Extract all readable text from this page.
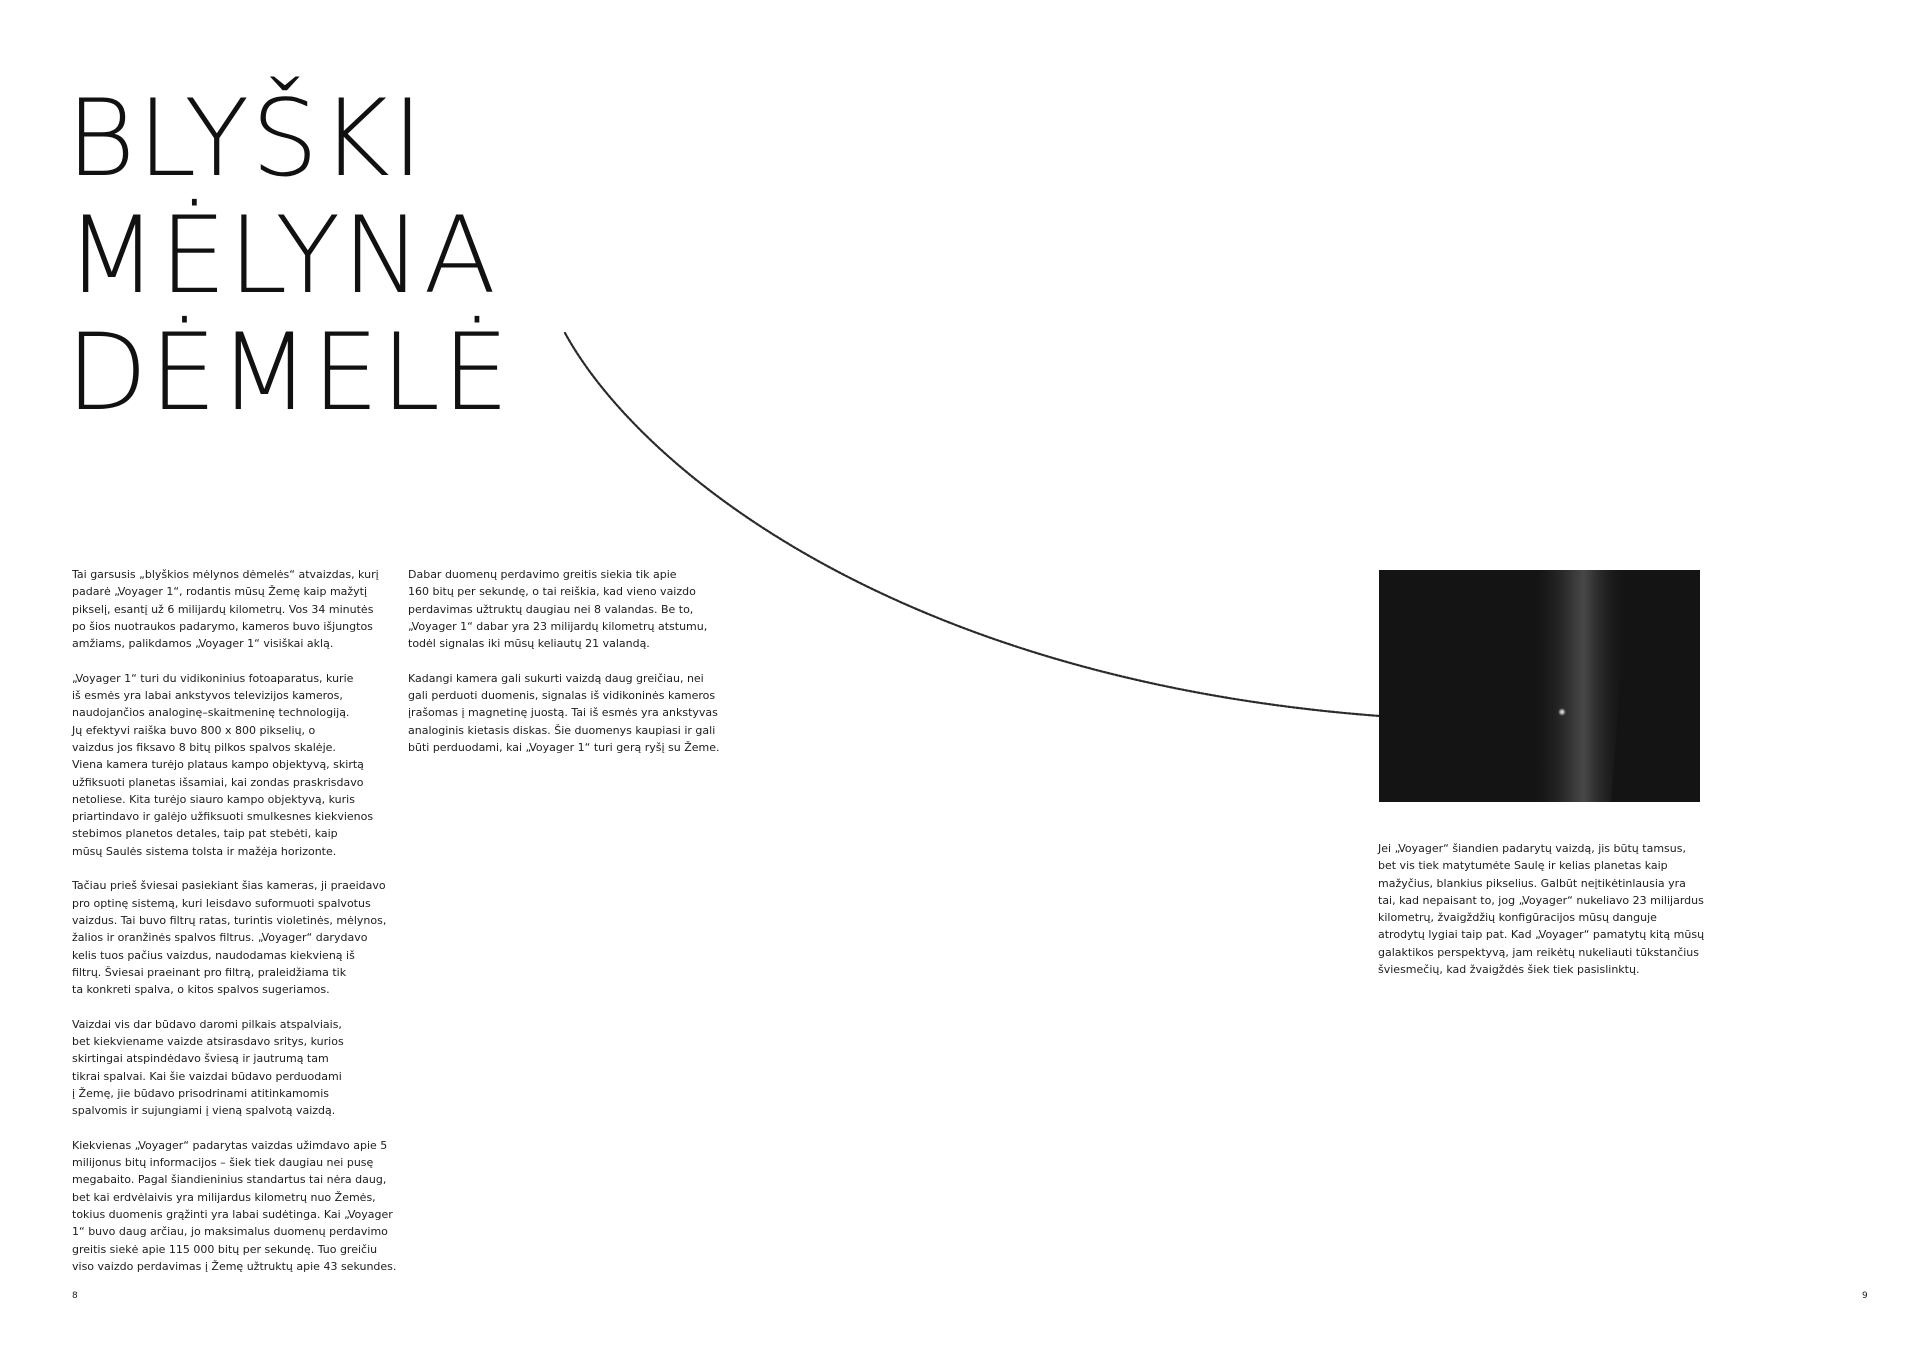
BLYŠKI
MĖLYNA
DĖMELĖ

Tai garsusis „blyškios mėlynos dėmelės“ atvaizdas, kurį
padarė „Voyager 1“, rodantis mūsų Žemę kaip mažytį
pikselį, esantį už 6 milijardų kilometrų. Vos 34 minutės
po šios nuotraukos padarymo, kameros buvo išjungtos
amžiams, palikdamos „Voyager 1“ visiškai aklą.

„Voyager 1“ turi du vidikoninius fotoaparatus, kurie
iš esmės yra labai ankstyvos televizijos kameros,
naudojančios analoginę–skaitmeninę technologiją.
Jų efektyvi raiška buvo 800 x 800 pikselių, o
vaizdus jos fiksavo 8 bitų pilkos spalvos skalėje.
Viena kamera turėjo plataus kampo objektyvą, skirtą
užfiksuoti planetas išsamiai, kai zondas praskrisdavo
netoliese. Kita turėjo siauro kampo objektyvą, kuris
priartindavo ir galėjo užfiksuoti smulkesnes kiekvienos
stebimos planetos detales, taip pat stebėti, kaip
mūsų Saulės sistema tolsta ir mažėja horizonte.

Tačiau prieš šviesai pasiekiant šias kameras, ji praeidavo
pro optinę sistemą, kuri leisdavo suformuoti spalvotus
vaizdus. Tai buvo filtrų ratas, turintis violetinės, mėlynos,
žalios ir oranžinės spalvos filtrus. „Voyager“ darydavo
kelis tuos pačius vaizdus, naudodamas kiekvieną iš
filtrų. Šviesai praeinant pro filtrą, praleidžiama tik
ta konkreti spalva, o kitos spalvos sugeriamos.

Vaizdai vis dar būdavo daromi pilkais atspalviais,
bet kiekviename vaizde atsirasdavo sritys, kurios
skirtingai atspindėdavo šviesą ir jautrumą tam
tikrai spalvai. Kai šie vaizdai būdavo perduodami
į Žemę, jie būdavo prisodrinami atitinkamomis
spalvomis ir sujungiami į vieną spalvotą vaizdą.

Kiekvienas „Voyager“ padarytas vaizdas užimdavo apie 5
milijonus bitų informacijos – šiek tiek daugiau nei pusę
megabaito. Pagal šiandieninius standartus tai nėra daug,
bet kai erdvėlaivis yra milijardus kilometrų nuo Žemės,
tokius duomenis grąžinti yra labai sudėtinga. Kai „Voyager
1“ buvo daug arčiau, jo maksimalus duomenų perdavimo
greitis siekė apie 115 000 bitų per sekundę. Tuo greičiu
viso vaizdo perdavimas į Žemę užtruktų apie 43 sekundes.

Dabar duomenų perdavimo greitis siekia tik apie
160 bitų per sekundę, o tai reiškia, kad vieno vaizdo
perdavimas užtruktų daugiau nei 8 valandas. Be to,
„Voyager 1“ dabar yra 23 milijardų kilometrų atstumu,
todėl signalas iki mūsų keliautų 21 valandą.

Kadangi kamera gali sukurti vaizdą daug greičiau, nei
gali perduoti duomenis, signalas iš vidikoninės kameros
įrašomas į magnetinę juostą. Tai iš esmės yra ankstyvas
analoginis kietasis diskas. Šie duomenys kaupiasi ir gali
būti perduodami, kai „Voyager 1“ turi gerą ryšį su Žeme.

Jei „Voyager“ šiandien padarytų vaizdą, jis būtų tamsus,
bet vis tiek matytumėte Saulę ir kelias planetas kaip
mažyčius, blankius pikselius. Galbūt neįtikėtinlausia yra
tai, kad nepaisant to, jog „Voyager“ nukeliavo 23 milijardus
kilometrų, žvaigždžių konfigūracijos mūsų danguje
atrodytų lygiai taip pat. Kad „Voyager“ pamatytų kitą mūsų
galaktikos perspektyvą, jam reikėtų nukeliauti tūkstančius
šviesmečių, kad žvaigždės šiek tiek pasislinktų.

8	9
